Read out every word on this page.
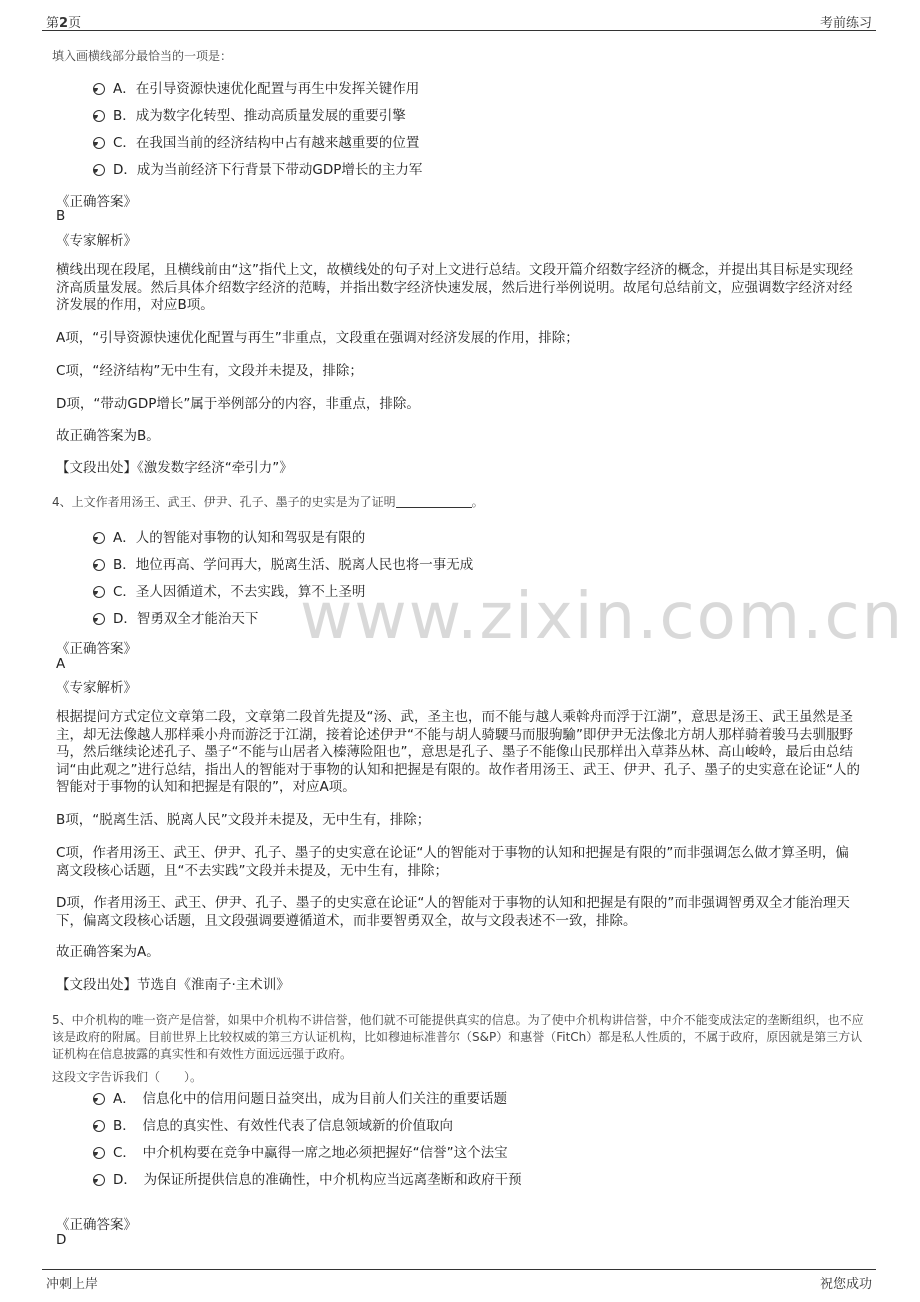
第2页	考前练习
www.zixin.com.cn

填入画横线部分最恰当的一项是：

A．在引导资源快速优化配置与再生中发挥关键作用
B．成为数字化转型、推动高质量发展的重要引擎
C．在我国当前的经济结构中占有越来越重要的位置
D．成为当前经济下行背景下带动GDP增长的主力军
《正确答案》
B
《专家解析》

横线出现在段尾，且横线前由“这”指代上文，故横线处的句子对上文进行总结。文段开篇介绍数字经济的概念，并提出其目标是实现经济高质量发展。然后具体介绍数字经济的范畴，并指出数字经济快速发展，然后进行举例说明。故尾句总结前文，应强调数字经济对经济发展的作用，对应B项。

A项，“引导资源快速优化配置与再生”非重点，文段重在强调对经济发展的作用，排除；

C项，“经济结构”无中生有，文段并未提及，排除；

D项，“带动GDP增长”属于举例部分的内容，非重点，排除。

故正确答案为B。

【文段出处】《激发数字经济“牵引力”》

4、上文作者用汤王、武王、伊尹、孔子、墨子的史实是为了证明	。

A．人的智能对事物的认知和驾驭是有限的
B．地位再高、学问再大，脱离生活、脱离人民也将一事无成
C．圣人因循道术，不去实践，算不上圣明
D．智勇双全才能治天下
《正确答案》
A
《专家解析》

根据提问方式定位文章第二段，文章第二段首先提及“汤、武，圣主也，而不能与越人乘斡舟而浮于江湖”，意思是汤王、武王虽然是圣主，却无法像越人那样乘小舟而游泛于江湖，接着论述伊尹“不能与胡人骑騕马而服驹騟”即伊尹无法像北方胡人那样骑着骏马去驯服野马，然后继续论述孔子、墨子“不能与山居者入榛薄险阻也”，意思是孔子、墨子不能像山民那样出入草莽丛林、高山峻岭，最后由总结词“由此观之”进行总结，指出人的智能对于事物的认知和把握是有限的。故作者用汤王、武王、伊尹、孔子、墨子的史实意在论证“人的智能对于事物的认知和把握是有限的”，对应A项。

B项，“脱离生活、脱离人民”文段并未提及，无中生有，排除；

C项，作者用汤王、武王、伊尹、孔子、墨子的史实意在论证“人的智能对于事物的认知和把握是有限的”而非强调怎么做才算圣明，偏离文段核心话题，且“不去实践”文段并未提及，无中生有，排除；

D项，作者用汤王、武王、伊尹、孔子、墨子的史实意在论证“人的智能对于事物的认知和把握是有限的”而非强调智勇双全才能治理天下，偏离文段核心话题，且文段强调要遵循道术，而非要智勇双全，故与文段表述不一致，排除。

故正确答案为A。

【文段出处】节选自《淮南子·主术训》

5、中介机构的唯一资产是信誉，如果中介机构不讲信誉，他们就不可能提供真实的信息。为了使中介机构讲信誉，中介不能变成法定的垄断组织，也不应该是政府的附属。目前世界上比较权威的第三方认证机构，比如穆迪标准普尔（S&P）和惠誉（FitCh）都是私人性质的，不属于政府，原因就是第三方认证机构在信息披露的真实性和有效性方面远远强于政府。

这段文字告诉我们（　　）。

A．　信息化中的信用问题日益突出，成为目前人们关注的重要话题
B．　信息的真实性、有效性代表了信息领域新的价值取向
C．　中介机构要在竞争中赢得一席之地必须把握好“信誉”这个法宝
D．　为保证所提供信息的准确性，中介机构应当远离垄断和政府干预
《正确答案》
D
冲刺上岸	祝您成功
